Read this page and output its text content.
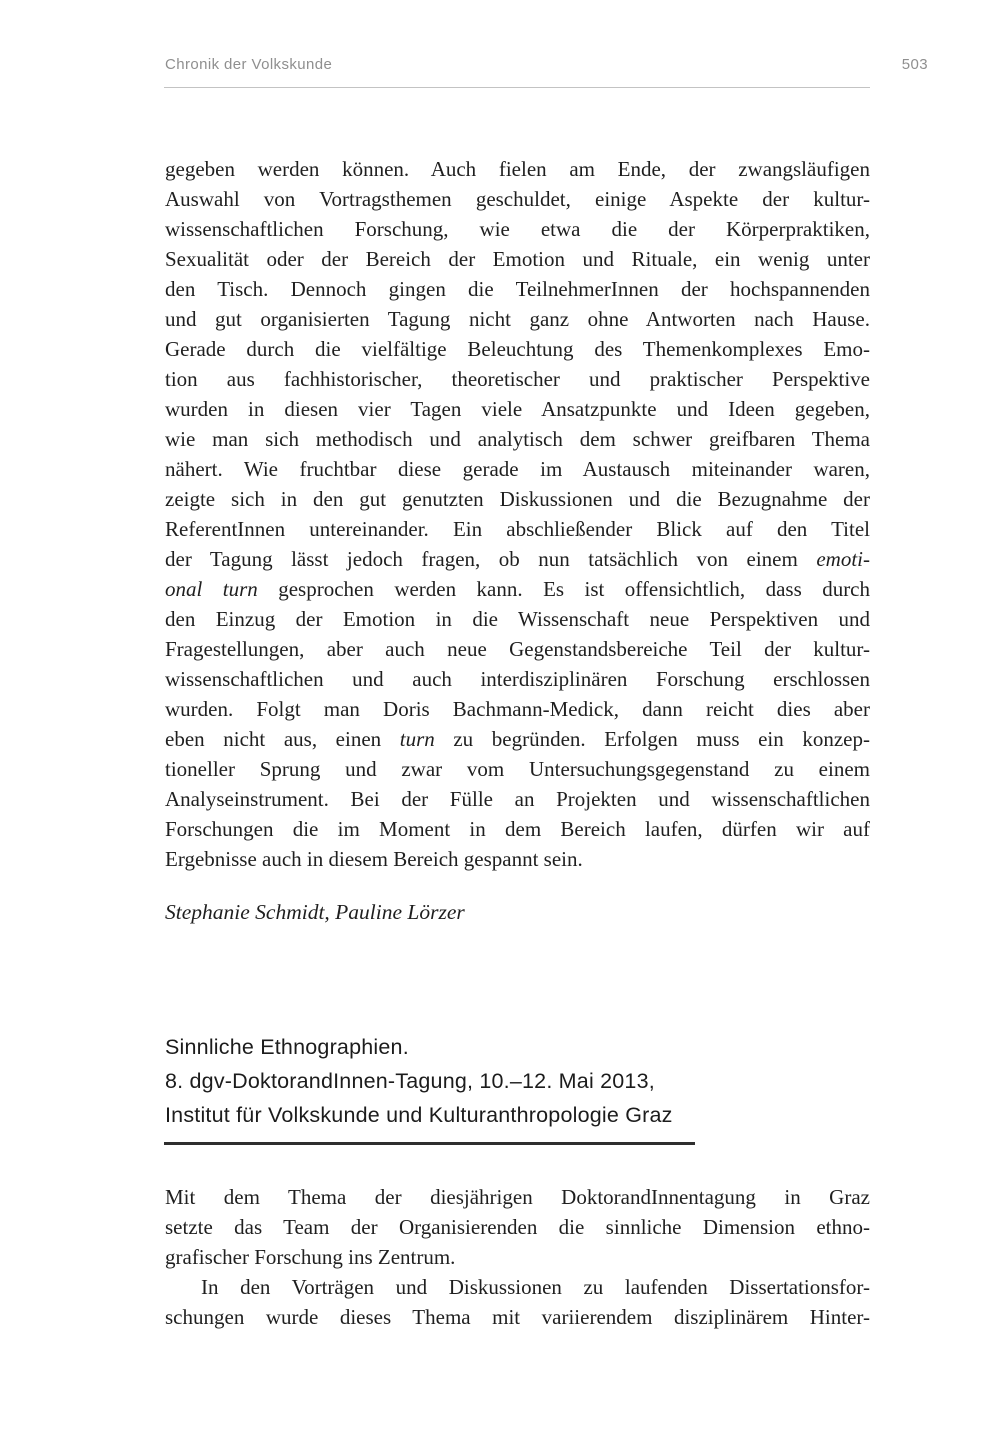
Chronik der Volkskunde	503
gegeben werden können. Auch fielen am Ende, der zwangsläufigen
Auswahl von Vortragsthemen geschuldet, einige Aspekte der kultur-
wissenschaftlichen Forschung, wie etwa die der Körperpraktiken,
Sexualität oder der Bereich der Emotion und Rituale, ein wenig unter
den Tisch. Dennoch gingen die TeilnehmerInnen der hochspannenden
und gut organisierten Tagung nicht ganz ohne Antworten nach Hause.
Gerade durch die vielfältige Beleuchtung des Themenkomplexes Emo-
tion aus fachhistorischer, theoretischer und praktischer Perspektive
wurden in diesen vier Tagen viele Ansatzpunkte und Ideen gegeben,
wie man sich methodisch und analytisch dem schwer greifbaren Thema
nähert. Wie fruchtbar diese gerade im Austausch miteinander waren,
zeigte sich in den gut genutzten Diskussionen und die Bezugnahme der
ReferentInnen untereinander. Ein abschließender Blick auf den Titel
der Tagung lässt jedoch fragen, ob nun tatsächlich von einem emoti-
onal turn gesprochen werden kann. Es ist offensichtlich, dass durch
den Einzug der Emotion in die Wissenschaft neue Perspektiven und
Fragestellungen, aber auch neue Gegenstandsbereiche Teil der kultur-
wissenschaftlichen und auch interdisziplinären Forschung erschlossen
wurden. Folgt man Doris Bachmann-Medick, dann reicht dies aber
eben nicht aus, einen turn zu begründen. Erfolgen muss ein konzep-
tioneller Sprung und zwar vom Untersuchungsgegenstand zu einem
Analyseinstrument. Bei der Fülle an Projekten und wissenschaftlichen
Forschungen die im Moment in dem Bereich laufen, dürfen wir auf
Ergebnisse auch in diesem Bereich gespannt sein.
Stephanie Schmidt, Pauline Lörzer
Sinnliche Ethnographien.
8. dgv-DoktorandInnen-Tagung, 10.–12. Mai 2013,
Institut für Volkskunde und Kulturanthropologie Graz
Mit dem Thema der diesjährigen DoktorandInnentagung in Graz
setzte das Team der Organisierenden die sinnliche Dimension ethno-
grafischer Forschung ins Zentrum.
In den Vorträgen und Diskussionen zu laufenden Dissertationsfor-
schungen wurde dieses Thema mit variierendem disziplinärem Hinter-
